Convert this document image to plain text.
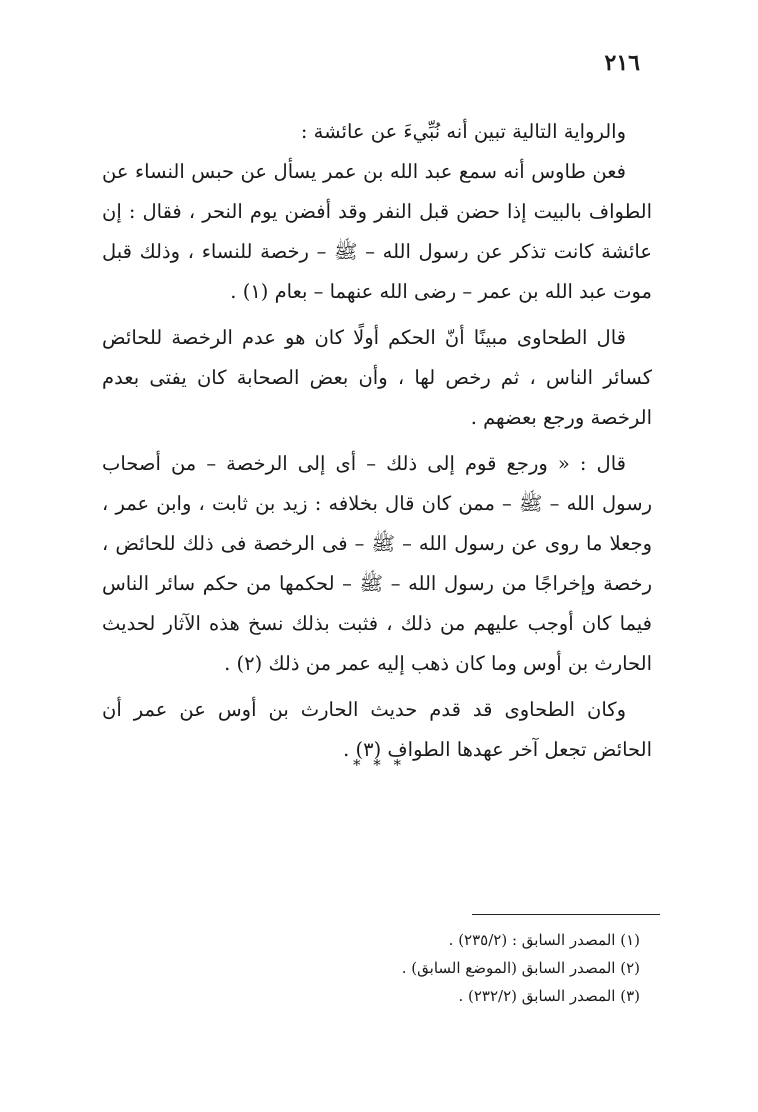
٢١٦

والرواية التالية تبين أنه نُبِّيءَ عن عائشة :

فعن طاوس أنه سمع عبد الله بن عمر يسأل عن حبس النساء عن الطواف بالبيت إذا حضن قبل النفر وقد أفضن يوم النحر ، فقال : إن عائشة كانت تذكر عن رسول الله – ﷺ – رخصة للنساء ، وذلك قبل موت عبد الله بن عمر – رضى الله عنهما – بعام (١) .

قال الطحاوى مبينًا أنّ الحكم أولًا كان هو عدم الرخصة للحائض كسائر الناس ، ثم رخص لها ، وأن بعض الصحابة كان يفتى بعدم الرخصة ورجع بعضهم .

قال : « ورجع قوم إلى ذلك – أى إلى الرخصة – من أصحاب رسول الله – ﷺ – ممن كان قال بخلافه : زيد بن ثابت ، وابن عمر ، وجعلا ما روى عن رسول الله – ﷺ – فى الرخصة فى ذلك للحائض ، رخصة وإخراجًا من رسول الله – ﷺ – لحكمها من حكم سائر الناس فيما كان أوجب عليهم من ذلك ، فثبت بذلك نسخ هذه الآثار لحديث الحارث بن أوس وما كان ذهب إليه عمر من ذلك (٢) .

وكان الطحاوى قد قدم حديث الحارث بن أوس عن عمر أن الحائض تجعل آخر عهدها الطواف (٣) .

* * *
(١) المصدر السابق : (٢٣٥/٢) .
(٢) المصدر السابق (الموضع السابق) .
(٣) المصدر السابق (٢٣٢/٢) .
